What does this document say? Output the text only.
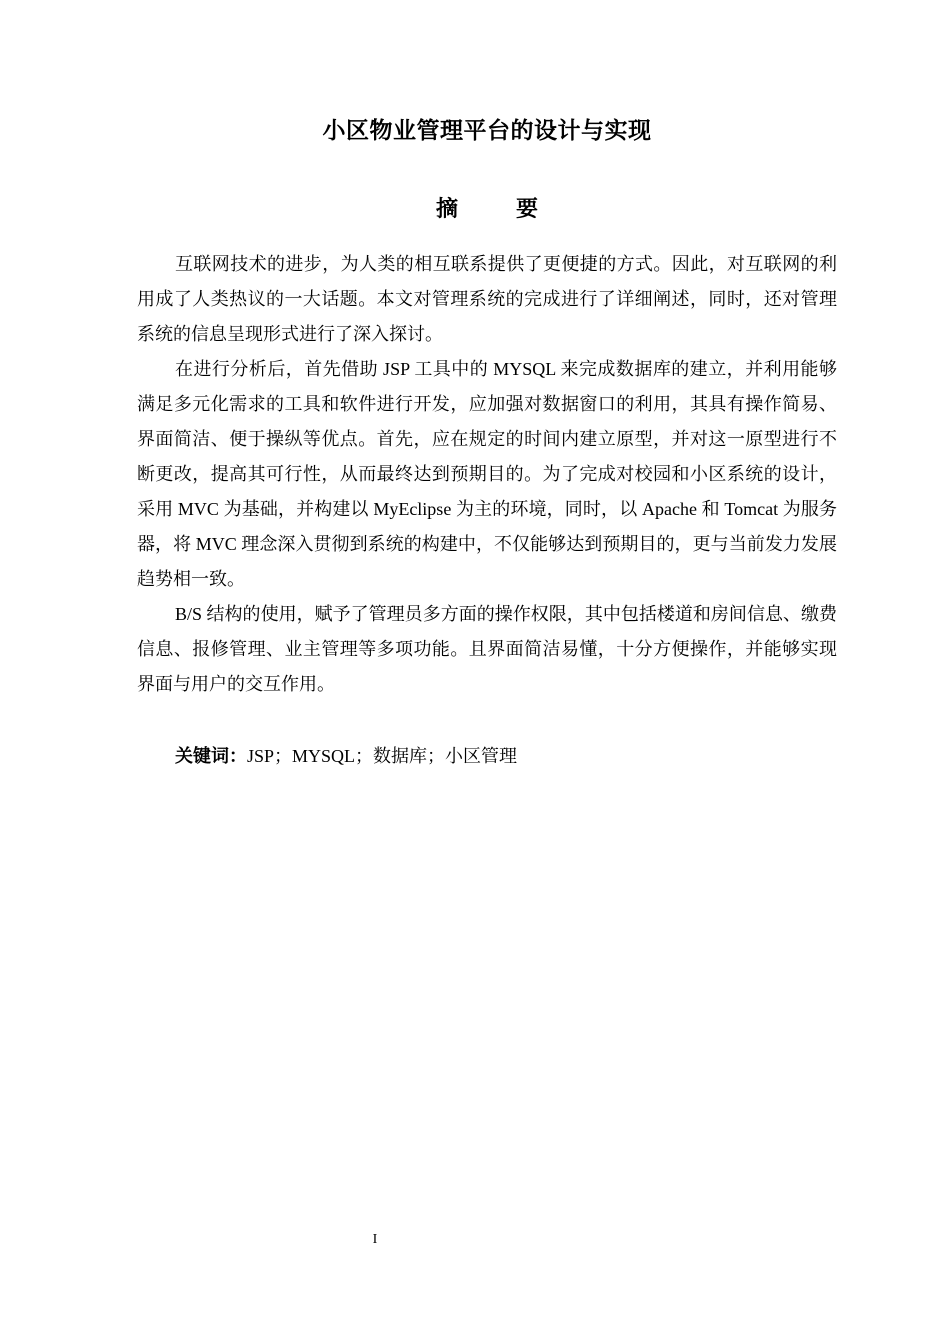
小区物业管理平台的设计与实现
摘　要

互联网技术的进步，为人类的相互联系提供了更便捷的方式。因此，对互联网的利用成了人类热议的一大话题。本文对管理系统的完成进行了详细阐述，同时，还对管理系统的信息呈现形式进行了深入探讨。

在进行分析后，首先借助 JSP 工具中的 MYSQL 来完成数据库的建立，并利用能够满足多元化需求的工具和软件进行开发，应加强对数据窗口的利用，其具有操作简易、界面简洁、便于操纵等优点。首先，应在规定的时间内建立原型，并对这一原型进行不断更改，提高其可行性，从而最终达到预期目的。为了完成对校园和小区系统的设计，采用 MVC 为基础，并构建以 MyEclipse 为主的环境，同时，以 Apache 和 Tomcat 为服务器，将 MVC 理念深入贯彻到系统的构建中，不仅能够达到预期目的，更与当前发力发展趋势相一致。

B/S 结构的使用，赋予了管理员多方面的操作权限，其中包括楼道和房间信息、缴费信息、报修管理、业主管理等多项功能。且界面简洁易懂，十分方便操作，并能够实现界面与用户的交互作用。

关键词：JSP；MYSQL；数据库；小区管理

I
